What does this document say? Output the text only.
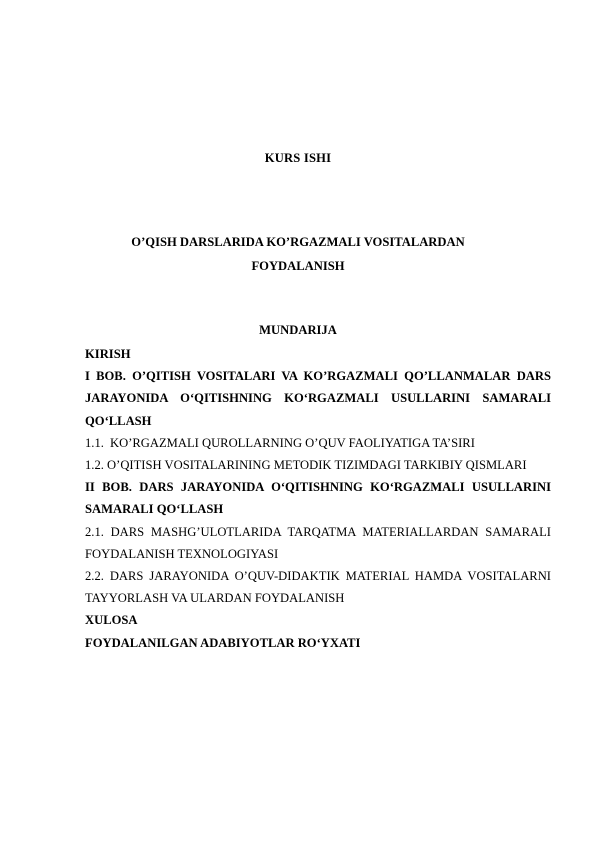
KURS ISHI
O’QISH DARSLARIDA KO’RGAZMALI VOSITALARDAN
FOYDALANISH
MUNDARIJA
KIRISH
I BOB. O’QITISH VOSITALARI VA KO’RGAZMALI QO’LLANMALAR DARS JARAYONIDA O‘QITISHNING KO‘RGAZMALI USULLARINI SAMARALI QO‘LLASH
1.1. KO’RGAZMALI QUROLLARNING O’QUV FAOLIYATIGA TA’SIRI
1.2. O’QITISH VOSITALARINING METODIK TIZIMDAGI TARKIBIY QISMLARI
II BOB. DARS JARAYONIDA O‘QITISHNING KO‘RGAZMALI USULLARINI SAMARALI QO‘LLASH
2.1. DARS MASHG’ULOTLARIDA TARQATMA MATERIALLARDAN SAMARALI FOYDALANISH TEXNOLOGIYASI
2.2. DARS JARAYONIDA O’QUV-DIDAKTIK MATERIAL HAMDA VOSITALARNI TAYYORLASH VA ULARDAN FOYDALANISH
XULOSA
FOYDALANILGAN ADABIYOTLAR RO‘YXATI
